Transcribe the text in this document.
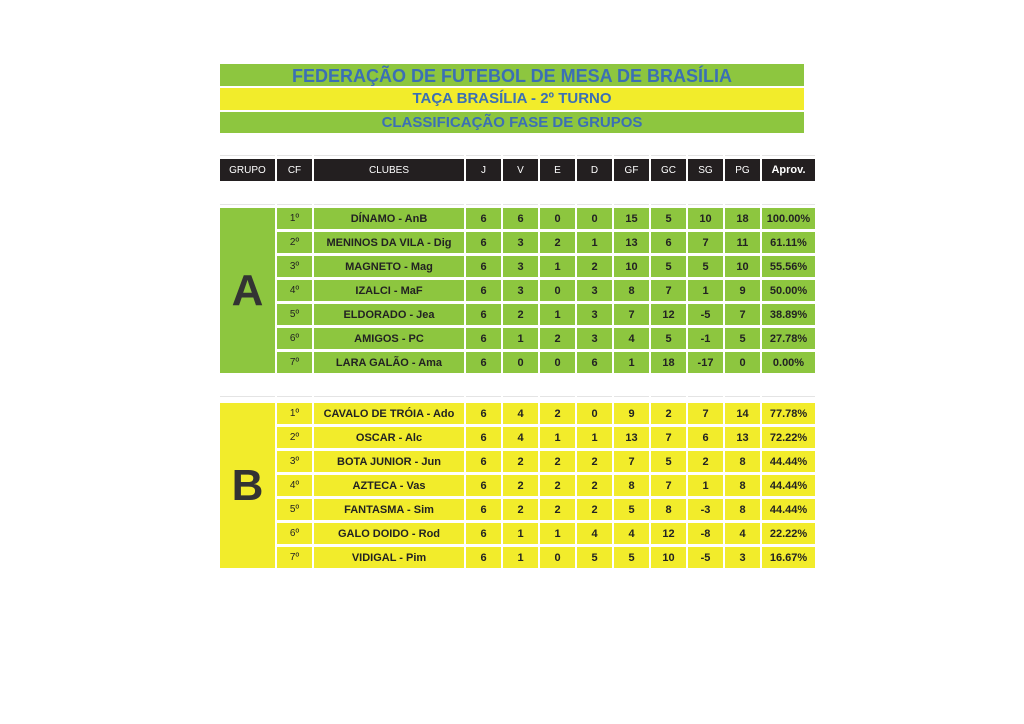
FEDERAÇÃO DE FUTEBOL DE MESA DE BRASÍLIA
TAÇA BRASÍLIA - 2º TURNO
CLASSIFICAÇÃO FASE DE GRUPOS
GRUPO	CF	CLUBES	J	V	E	D	GF	GC	SG	PG	Aprov.
A
1º	DÍNAMO - AnB	6	6	0	0	15	5	10	18	100.00%
2º	MENINOS DA VILA - Dig	6	3	2	1	13	6	7	11	61.11%
3º	MAGNETO - Mag	6	3	1	2	10	5	5	10	55.56%
4º	IZALCI - MaF	6	3	0	3	8	7	1	9	50.00%
5º	ELDORADO - Jea	6	2	1	3	7	12	-5	7	38.89%
6º	AMIGOS - PC	6	1	2	3	4	5	-1	5	27.78%
7º	LARA GALÃO - Ama	6	0	0	6	1	18	-17	0	0.00%
B
1º	CAVALO DE TRÓIA - Ado	6	4	2	0	9	2	7	14	77.78%
2º	OSCAR - Alc	6	4	1	1	13	7	6	13	72.22%
3º	BOTA JUNIOR - Jun	6	2	2	2	7	5	2	8	44.44%
4º	AZTECA - Vas	6	2	2	2	8	7	1	8	44.44%
5º	FANTASMA - Sim	6	2	2	2	5	8	-3	8	44.44%
6º	GALO DOIDO - Rod	6	1	1	4	4	12	-8	4	22.22%
7º	VIDIGAL - Pim	6	1	0	5	5	10	-5	3	16.67%
